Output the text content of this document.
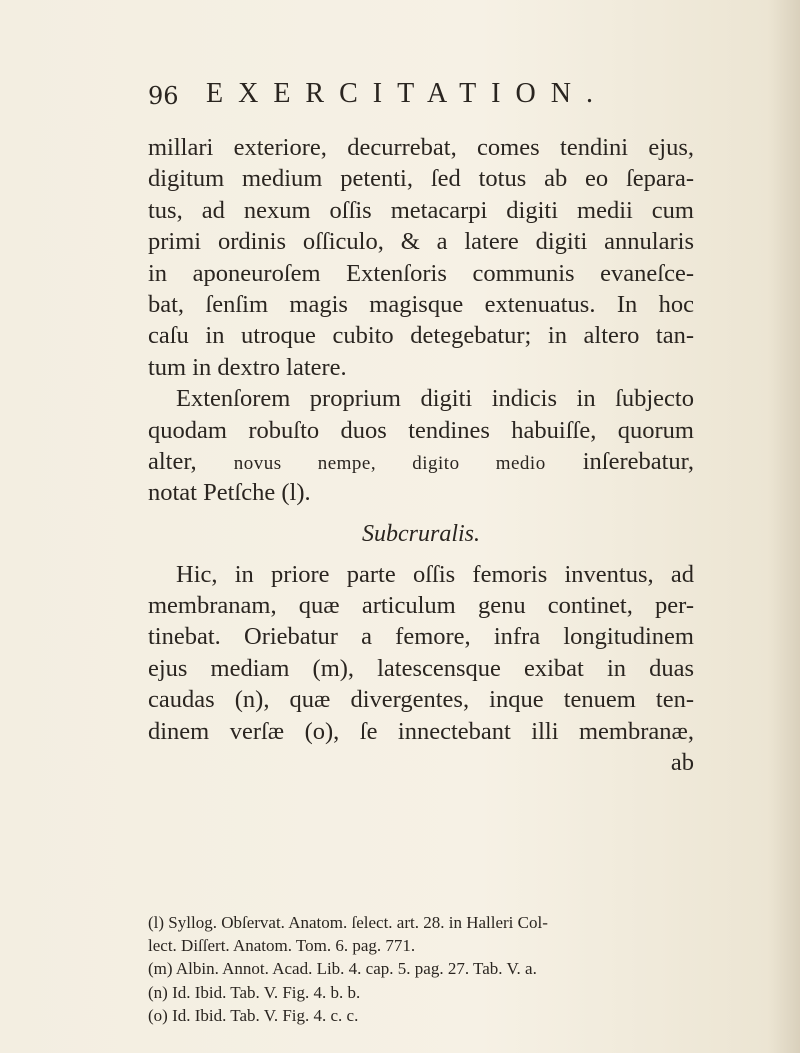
96 EXERCITATION.
millari exteriore, decurrebat, comes tendini ejus,
digitum medium petenti, ſed totus ab eo ſepara-
tus, ad nexum oſſis metacarpi digiti medii cum
primi ordinis oſſiculo, & a latere digiti annularis
in aponeuroſem Extenſoris communis evaneſce-
bat, ſenſim magis magisque extenuatus. In hoc
caſu in utroque cubito detegebatur; in altero tan-
tum in dextro latere.
Extenſorem proprium digiti indicis in ſubjecto
quodam robuſto duos tendines habuiſſe, quorum
alter, novus nempe, digito medio inſerebatur,
notat Petſche (l).
Subcruralis.
Hic, in priore parte oſſis femoris inventus, ad
membranam, quæ articulum genu continet, per-
tinebat. Oriebatur a femore, infra longitudinem
ejus mediam (m), latescensque exibat in duas
caudas (n), quæ divergentes, inque tenuem ten-
dinem verſæ (o), ſe innectebant illi membranæ,
ab
(l) Syllog. Obſervat. Anatom. ſelect. art. 28. in Halleri Col-
lect. Diſſert. Anatom. Tom. 6. pag. 771.
(m) Albin. Annot. Acad. Lib. 4. cap. 5. pag. 27. Tab. V. a.
(n) Id. Ibid. Tab. V. Fig. 4. b. b.
(o) Id. Ibid. Tab. V. Fig. 4. c. c.
